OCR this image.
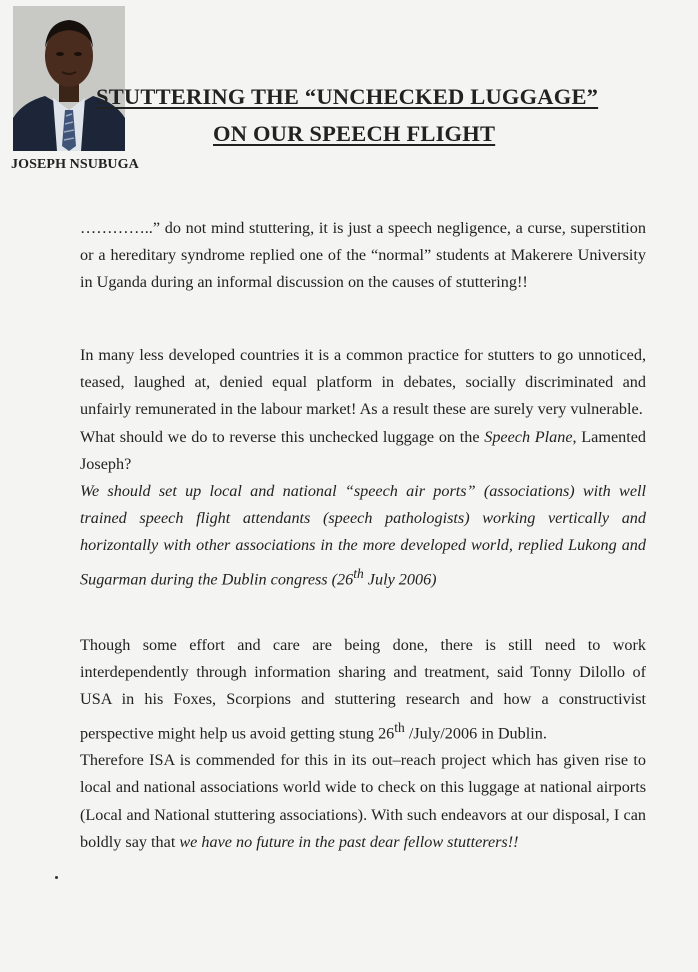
STUTTERING THE “UNCHECKED LUGGAGE”
ON OUR SPEECH FLIGHT
JOSEPH NSUBUGA

…………..” do not mind stuttering, it is just a speech negligence, a curse, superstition or a hereditary syndrome replied one of the “normal” students at Makerere University in Uganda during an informal discussion on the causes of stuttering!!

In many less developed countries it is a common practice for stutters to go unnoticed, teased, laughed at, denied equal platform in debates, socially discriminated and unfairly remunerated in the labour market! As a result these are surely very vulnerable.

What should we do to reverse this unchecked luggage on the Speech Plane, Lamented Joseph?

We should set up local and national “speech air ports” (associations) with well trained speech flight attendants (speech pathologists) working vertically and horizontally with other associations in the more developed world, replied Lukong and Sugarman during the Dublin congress (26th July 2006)

Though some effort and care are being done, there is still need to work interdependently through information sharing and treatment, said Tonny Dilollo of USA in his Foxes, Scorpions and stuttering research and how a constructivist perspective might help us avoid getting stung 26th /July/2006 in Dublin.

Therefore ISA is commended for this in its out–reach project which has given rise to local and national associations world wide to check on this luggage at national airports (Local and National stuttering associations). With such endeavors at our disposal, I can boldly say that we have no future in the past dear fellow stutterers!!
